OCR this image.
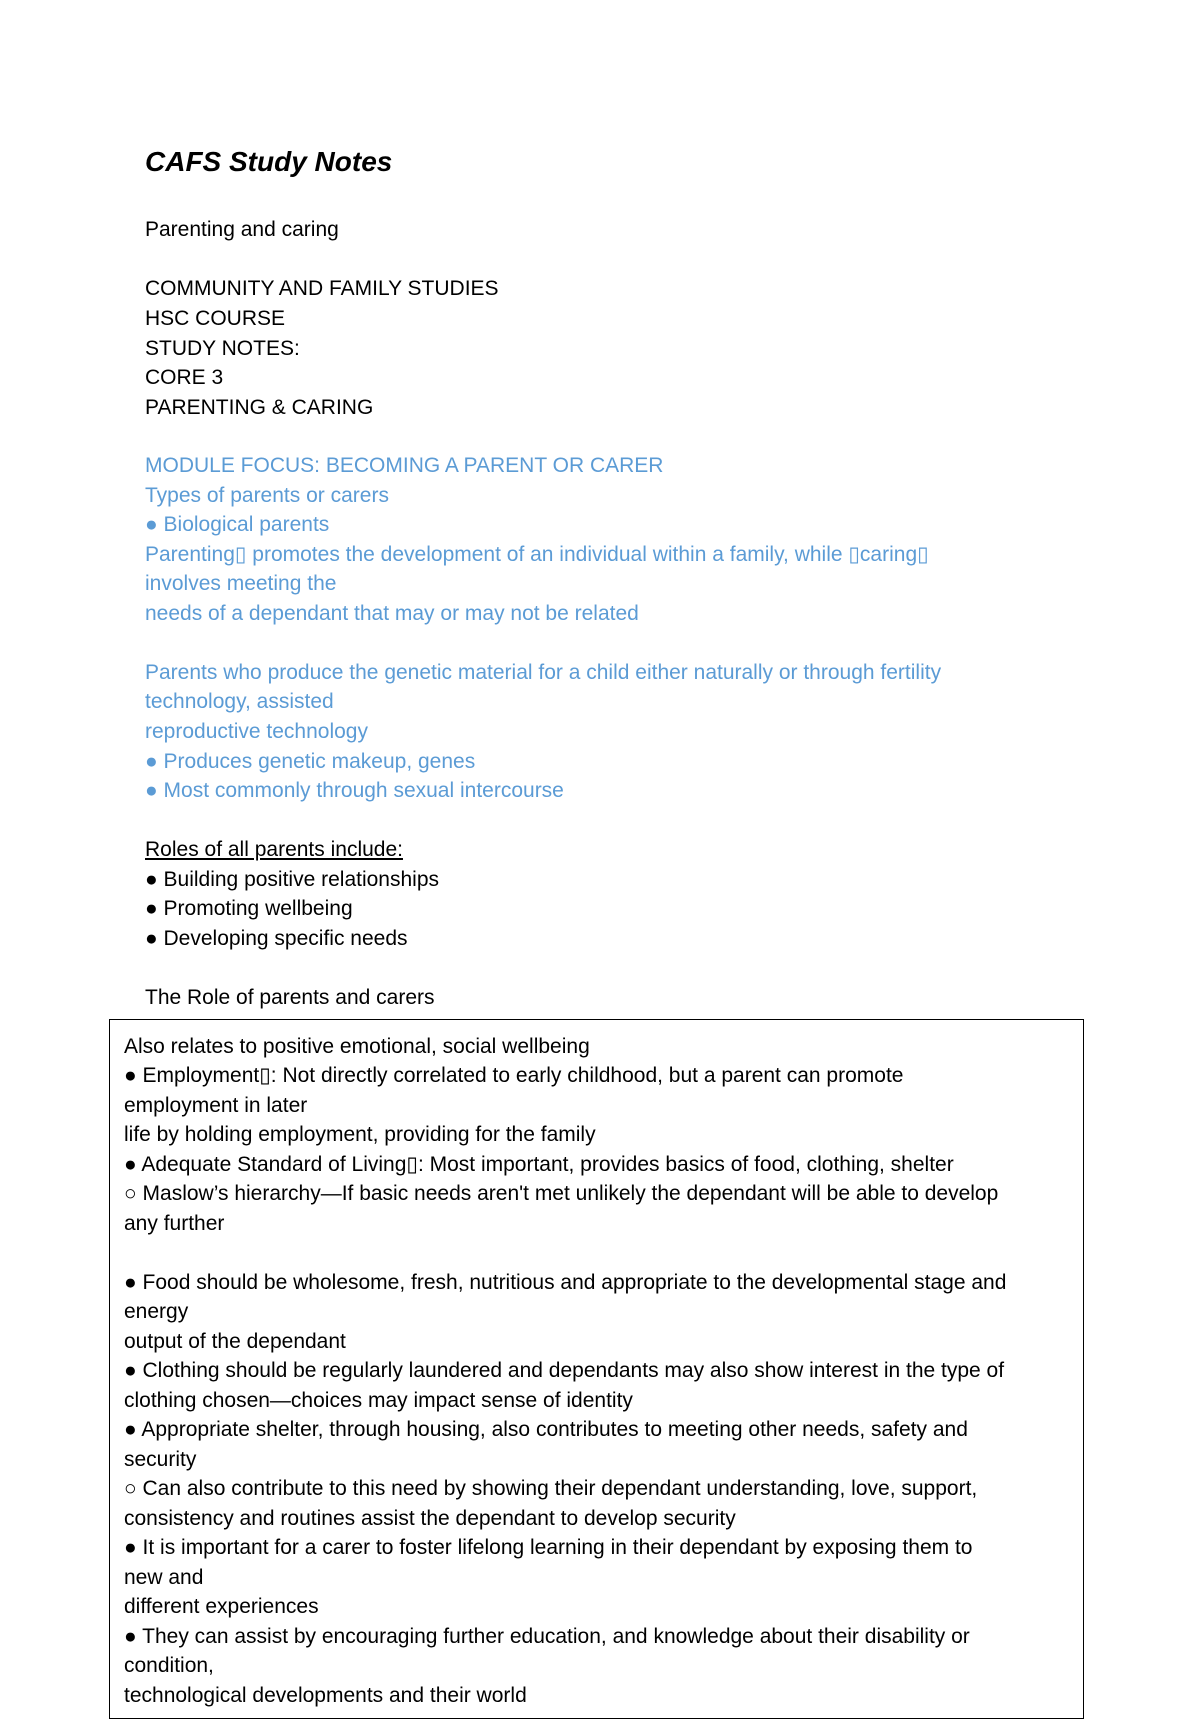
CAFS Study Notes
Parenting and caring
COMMUNITY AND FAMILY STUDIES
HSC COURSE
STUDY NOTES:
CORE 3
PARENTING & CARING
MODULE FOCUS: BECOMING A PARENT OR CARER
Types of parents or carers
● Biological parents
Parenting▯ promotes the development of an individual within a family, while ▯caring▯
involves meeting the
needs of a dependant that may or may not be related
Parents who produce the genetic material for a child either naturally or through fertility
technology, assisted
reproductive technology
● Produces genetic makeup, genes
● Most commonly through sexual intercourse
Roles of all parents include:
● Building positive relationships
● Promoting wellbeing
● Developing specific needs
The Role of parents and carers
Also relates to positive emotional, social wellbeing
● Employment▯: Not directly correlated to early childhood, but a parent can promote
employment in later
life by holding employment, providing for the family
● Adequate Standard of Living▯: Most important, provides basics of food, clothing, shelter
○ Maslow’s hierarchy—If basic needs aren't met unlikely the dependant will be able to develop
any further
● Food should be wholesome, fresh, nutritious and appropriate to the developmental stage and
energy
output of the dependant
● Clothing should be regularly laundered and dependants may also show interest in the type of
clothing chosen—choices may impact sense of identity
● Appropriate shelter, through housing, also contributes to meeting other needs, safety and
security
○ Can also contribute to this need by showing their dependant understanding, love, support,
consistency and routines assist the dependant to develop security
● It is important for a carer to foster lifelong learning in their dependant by exposing them to
new and
different experiences
● They can assist by encouraging further education, and knowledge about their disability or
condition,
technological developments and their world
